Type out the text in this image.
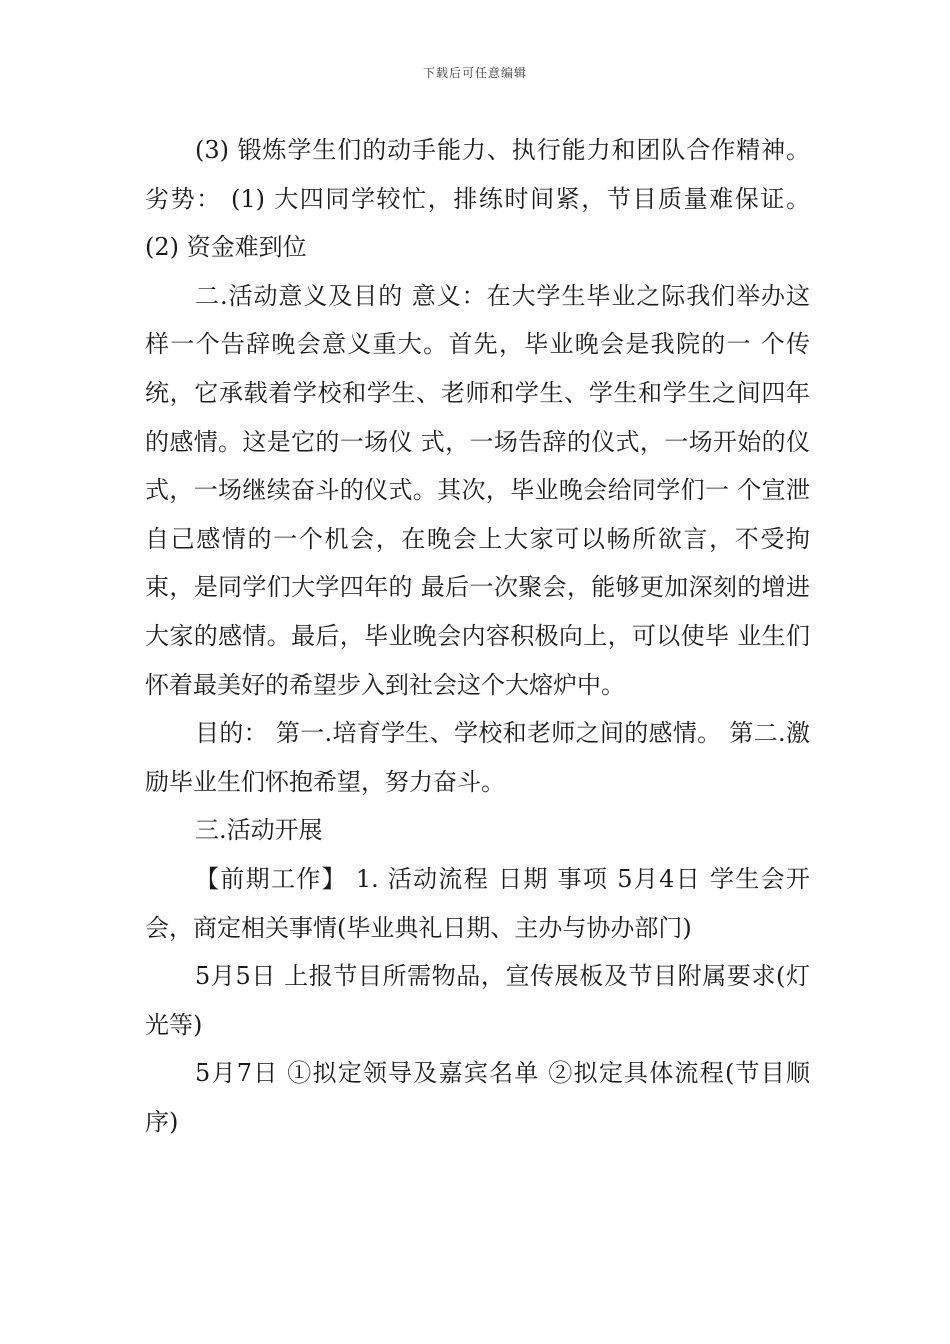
下载后可任意编辑

(3) 锻炼学生们的动手能力、执行能力和团队合作精神。 劣势： (1) 大四同学较忙，排练时间紧，节目质量难保证。 (2) 资金难到位

二.活动意义及目的 意义：在大学生毕业之际我们举办这样一个告辞晚会意义重大。首先，毕业晚会是我院的一 个传统，它承载着学校和学生、老师和学生、学生和学生之间四年的感情。这是它的一场仪 式，一场告辞的仪式，一场开始的仪式，一场继续奋斗的仪式。其次，毕业晚会给同学们一 个宣泄自己感情的一个机会，在晚会上大家可以畅所欲言，不受拘束，是同学们大学四年的 最后一次聚会，能够更加深刻的增进大家的感情。最后，毕业晚会内容积极向上，可以使毕 业生们怀着最美好的希望步入到社会这个大熔炉中。

目的： 第一.培育学生、学校和老师之间的感情。 第二.激励毕业生们怀抱希望，努力奋斗。

三.活动开展

【前期工作】 1. 活动流程 日期 事项 5月4日 学生会开会，商定相关事情(毕业典礼日期、主办与协办部门)

5月5日 上报节目所需物品，宣传展板及节目附属要求(灯光等)

5月7日 ①拟定领导及嘉宾名单 ②拟定具体流程(节目顺序)
